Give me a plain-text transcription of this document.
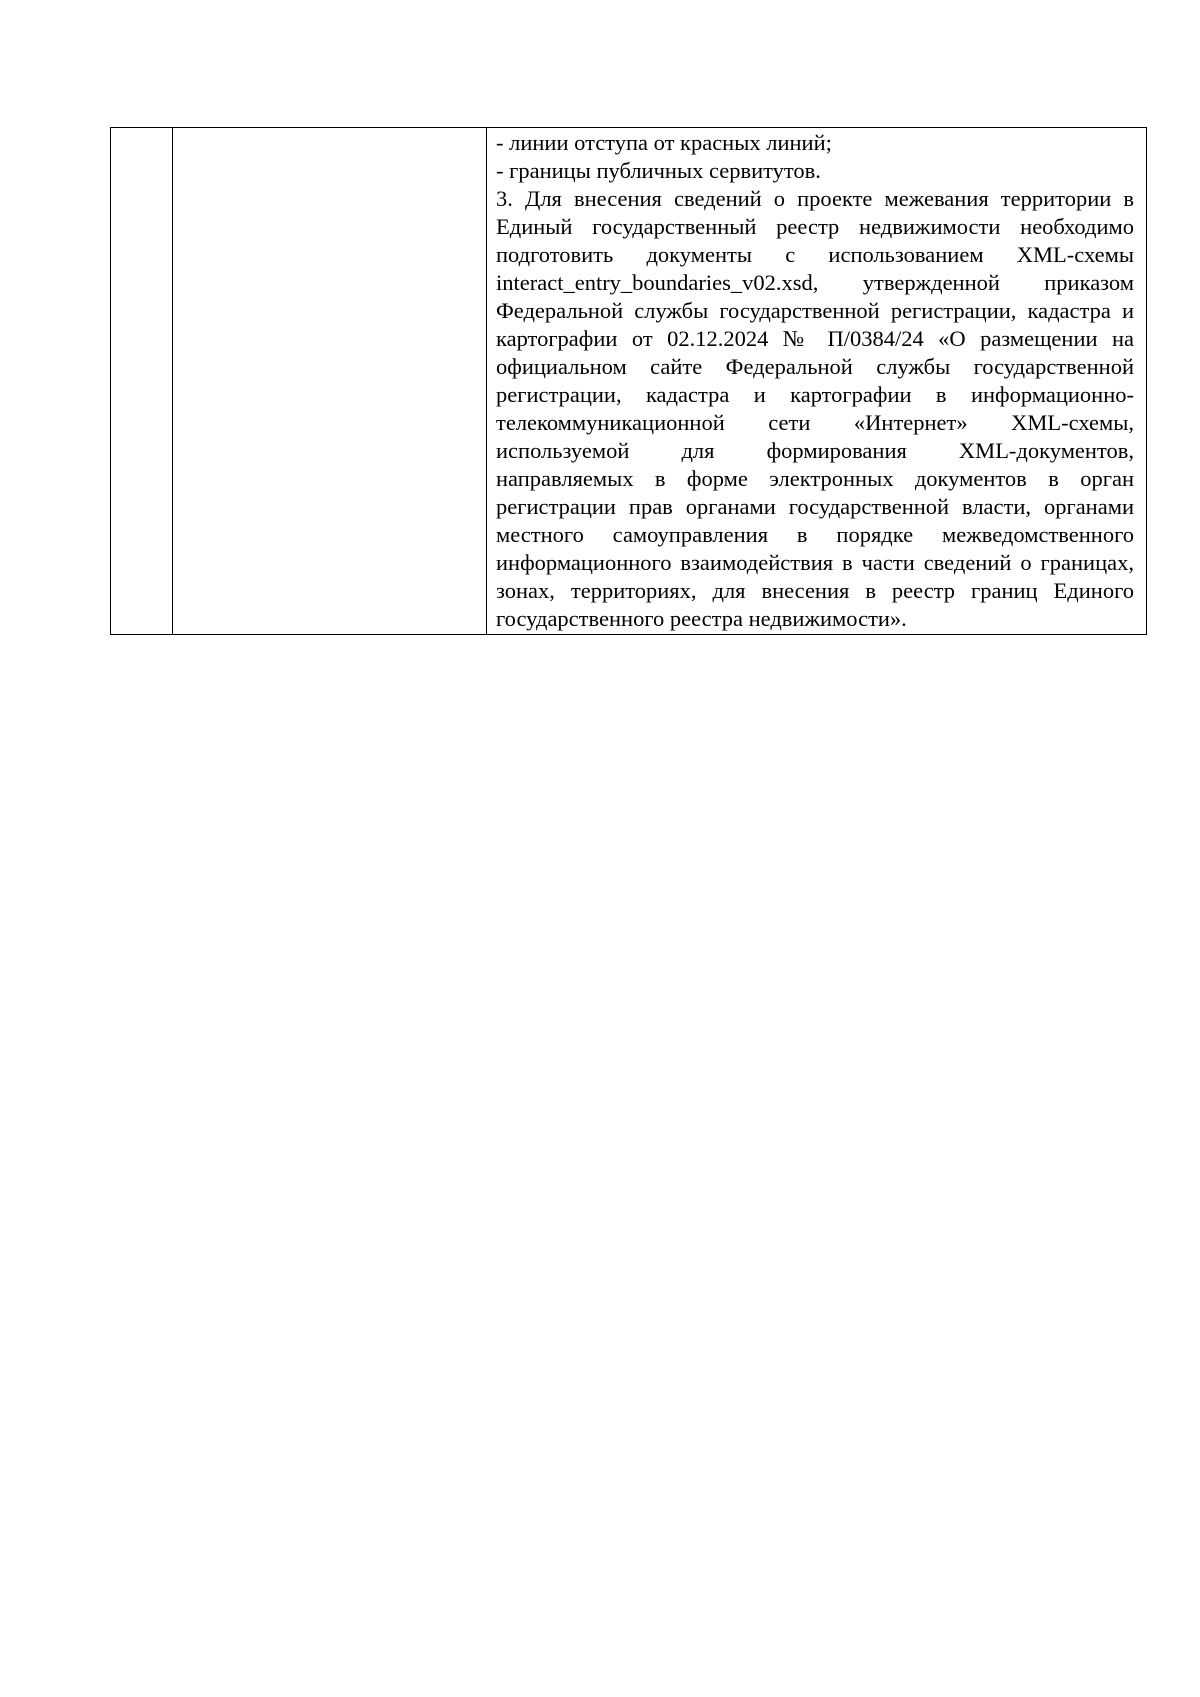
- линии отступа от красных линий;

- границы публичных сервитутов.

3. Для внесения сведений о проекте межевания территории в Единый государственный реестр недвижимости необходимо подготовить документы с использованием XML-схемы interact_entry_boundaries_v02.xsd, утвержденной приказом Федеральной службы государственной регистрации, кадастра и картографии от 02.12.2024 № П/0384/24 «О размещении на официальном сайте Федеральной службы государственной регистрации, кадастра и картографии в информационно-телекоммуникационной сети «Интернет» XML-схемы, используемой для формирования XML-документов, направляемых в форме электронных документов в орган регистрации прав органами государственной власти, органами местного самоуправления в порядке межведомственного информационного взаимодействия в части сведений о границах, зонах, территориях, для внесения в реестр границ Единого государственного реестра недвижимости».
